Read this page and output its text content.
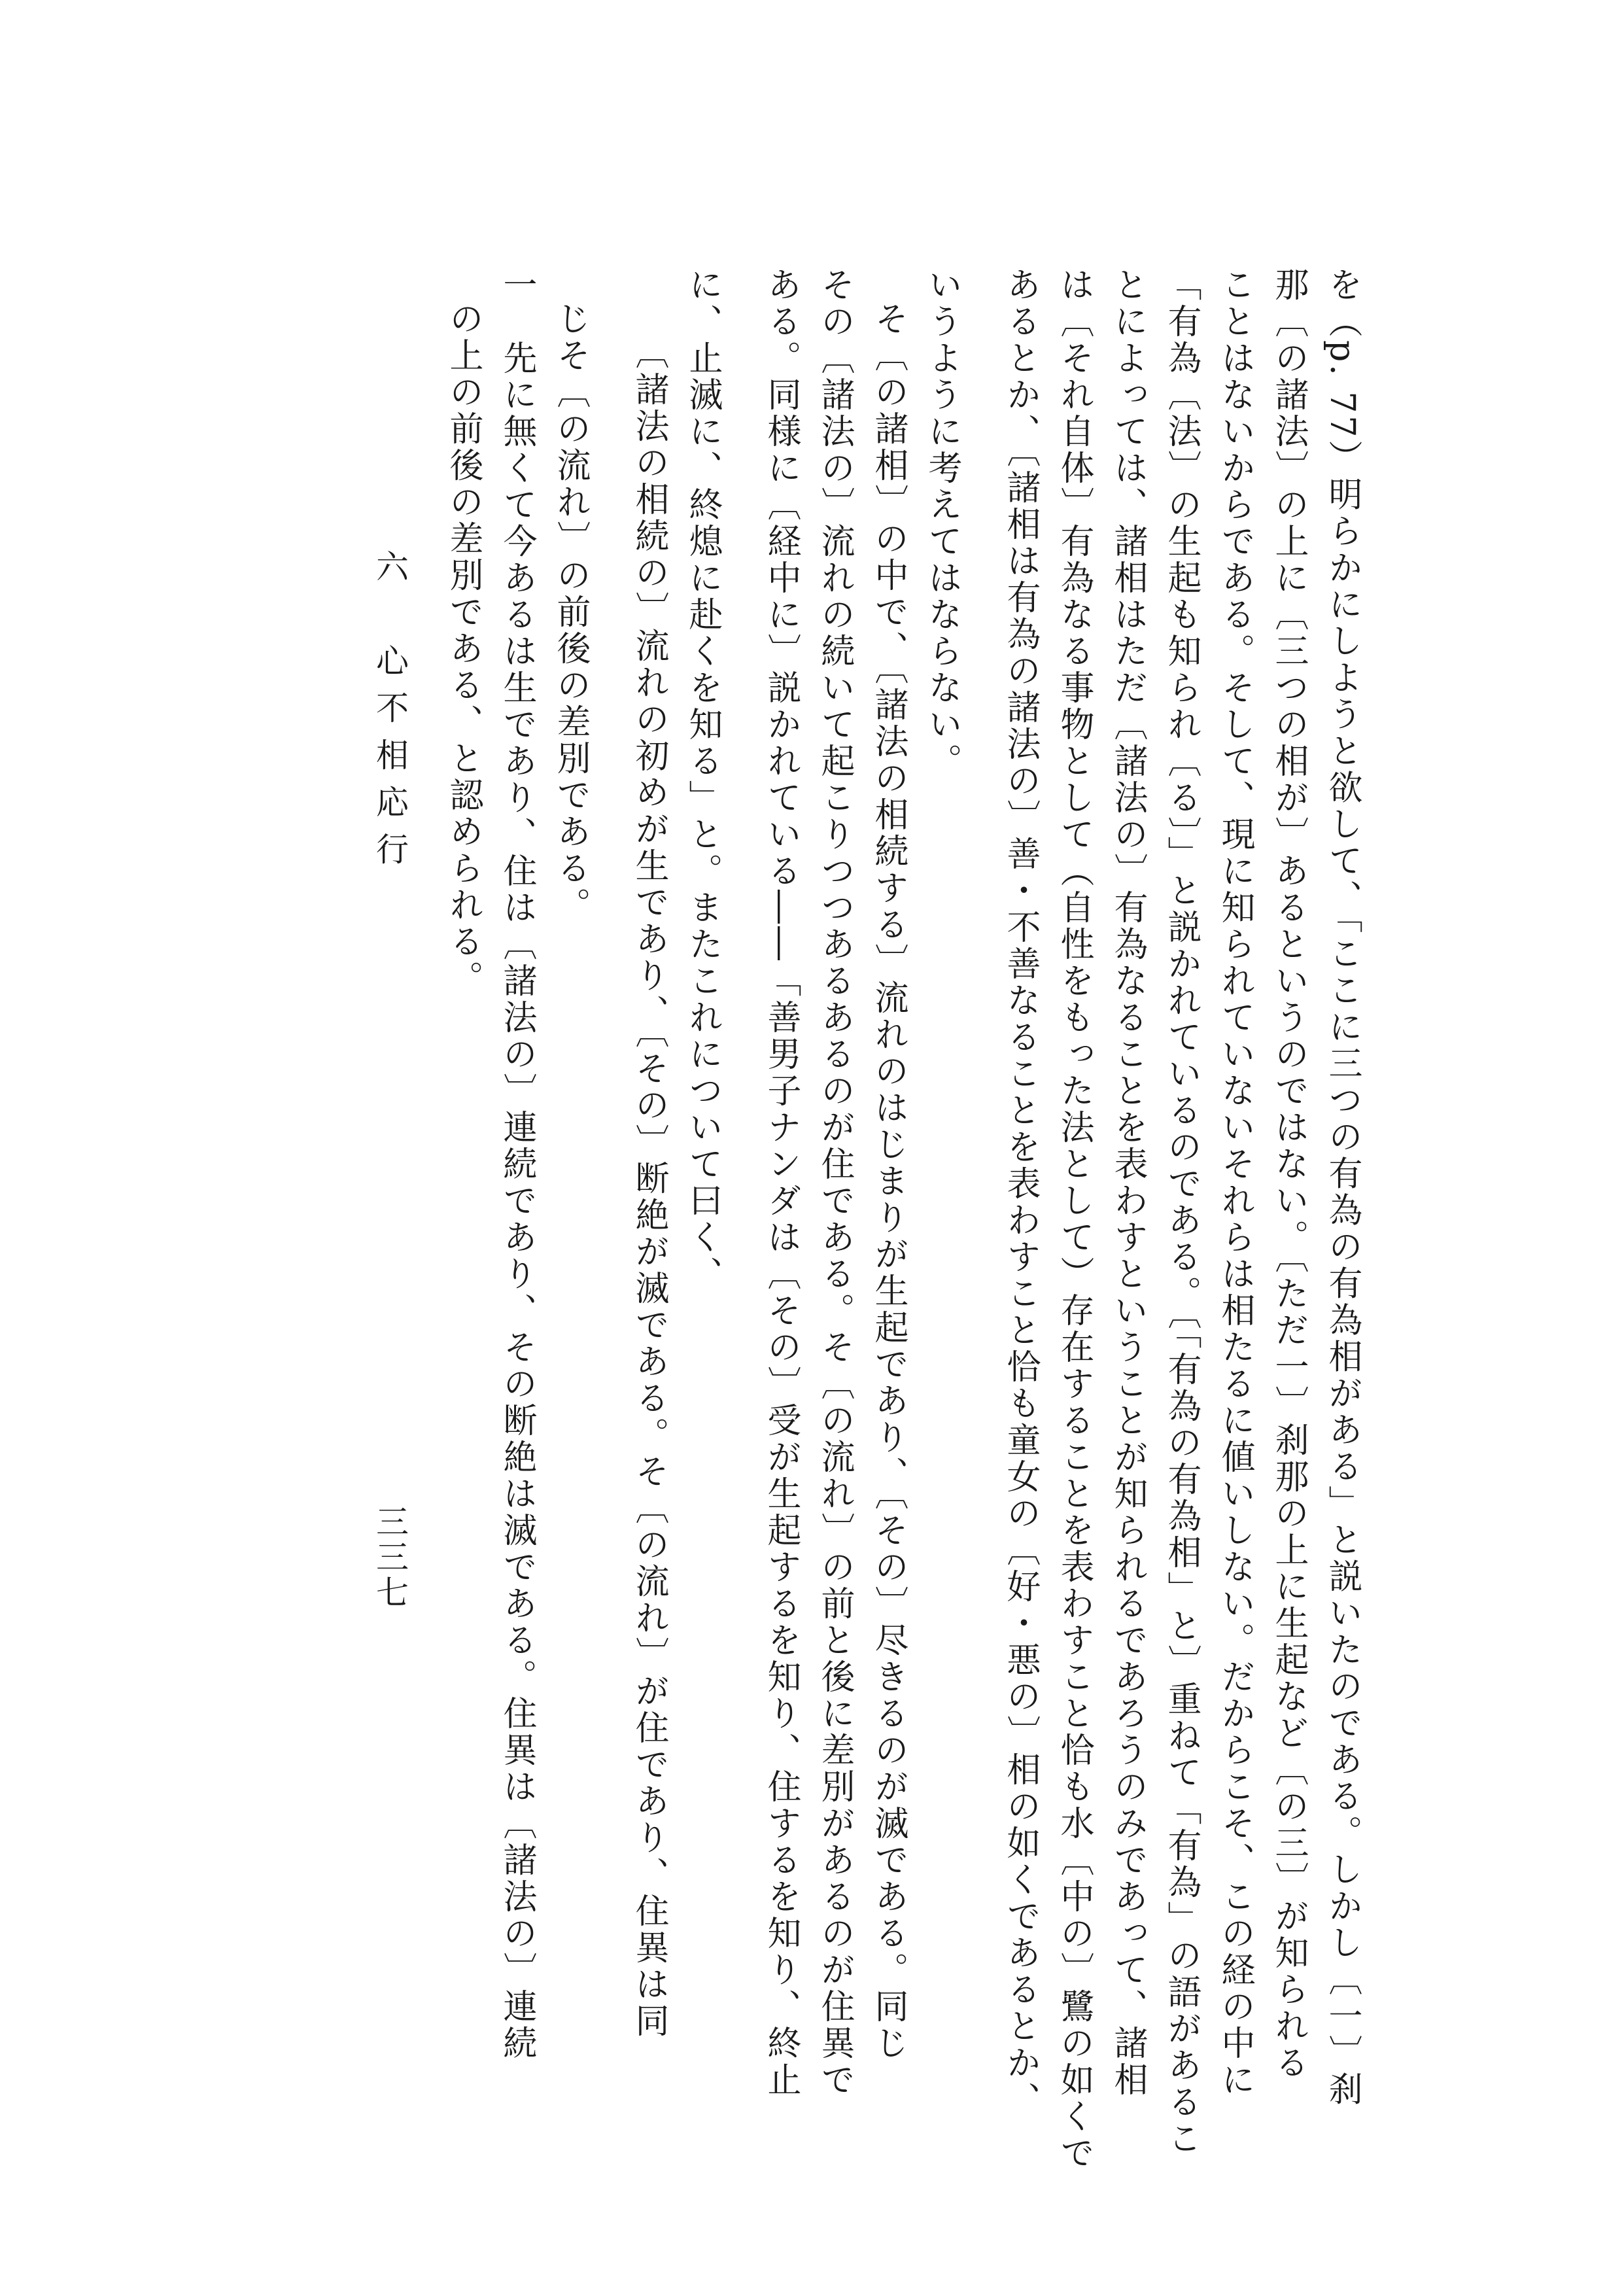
を（p. 77）明らかにしようと欲して、「ここに三つの有為の有為相がある」と説いたのである。しかし〔一〕刹
那〔の諸法〕の上に〔三つの相が〕あるというのではない。〔ただ一〕刹那の上に生起など〔の三〕が知られる
ことはないからである。そして、現に知られていないそれらは相たるに値いしない。だからこそ、この経の中に
「有為〔法〕の生起も知られ〔る〕」と説かれているのである。〔「有為の有為相」と〕重ねて「有為」の語があるこ
とによっては、諸相はただ〔諸法の〕有為なることを表わすということが知られるであろうのみであって、諸相
は〔それ自体〕有為なる事物として（自性をもった法として）存在することを表わすこと恰も水〔中の〕鷺の如くで
あるとか、〔諸相は有為の諸法の〕善・不善なることを表わすこと恰も童女の〔好・悪の〕相の如くであるとか、
いうように考えてはならない。
そ〔の諸相〕の中で、〔諸法の相続する〕流れのはじまりが生起であり、〔その〕尽きるのが滅である。同じ
その〔諸法の〕流れの続いて起こりつつあるあるのが住である。そ〔の流れ〕の前と後に差別があるのが住異で
ある。同様に〔経中に〕説かれている――「善男子ナンダは〔その〕受が生起するを知り、住するを知り、終止
に、止滅に、終熄に赴くを知る」と。またこれについて曰く、
〔諸法の相続の〕流れの初めが生であり、〔その〕断絶が滅である。そ〔の流れ〕が住であり、住異は同
じそ〔の流れ〕の前後の差別である。
一　先に無くて今あるは生であり、住は〔諸法の〕連続であり、その断絶は滅である。住異は〔諸法の〕連続
の上の前後の差別である、と認められる。
六　心不相応行
三三七
